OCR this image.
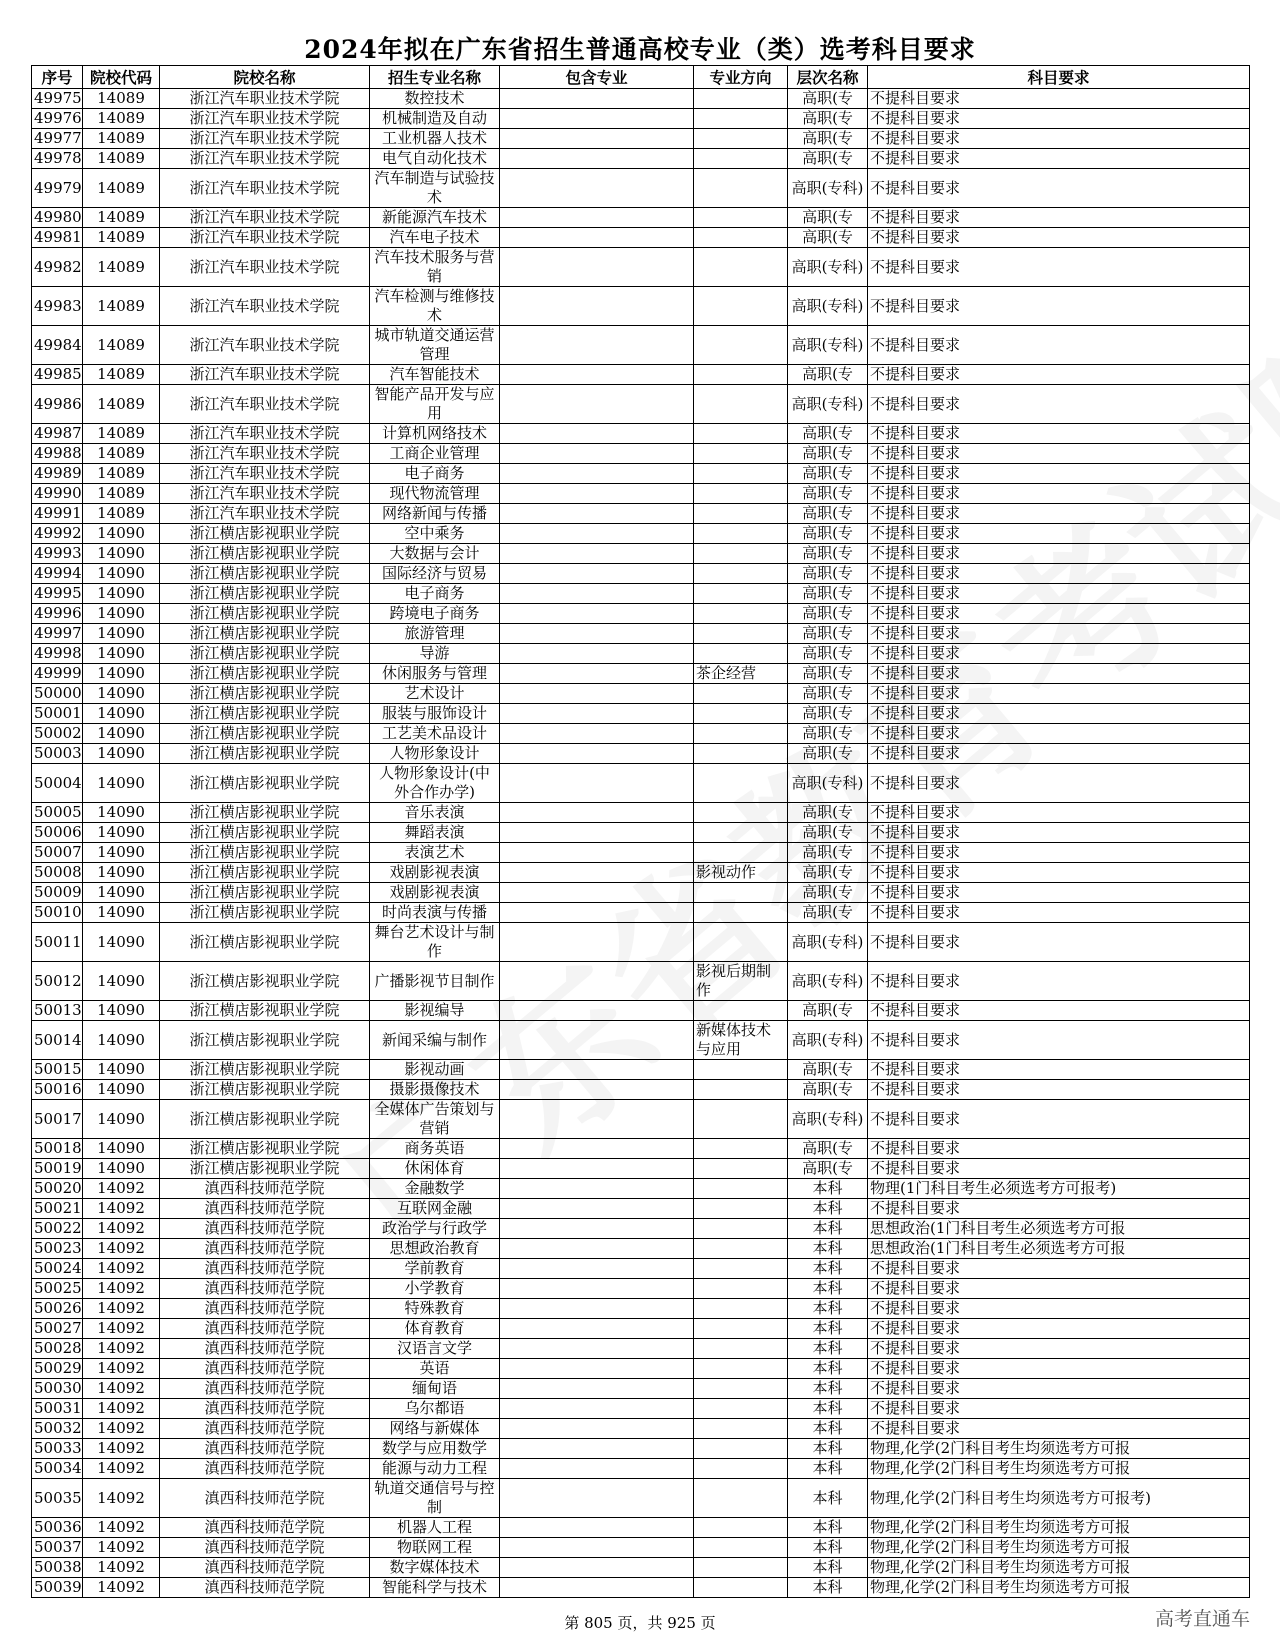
2024年拟在广东省招生普通高校专业（类）选考科目要求
序号	院校代码	院校名称	招生专业名称	包含专业	专业方向	层次名称	科目要求
49975	14089	浙江汽车职业技术学院	数控技术			高职(专	不提科目要求
49976	14089	浙江汽车职业技术学院	机械制造及自动			高职(专	不提科目要求
49977	14089	浙江汽车职业技术学院	工业机器人技术			高职(专	不提科目要求
49978	14089	浙江汽车职业技术学院	电气自动化技术			高职(专	不提科目要求
49979	14089	浙江汽车职业技术学院	汽车制造与试验技术			高职(专科)	不提科目要求
49980	14089	浙江汽车职业技术学院	新能源汽车技术			高职(专	不提科目要求
49981	14089	浙江汽车职业技术学院	汽车电子技术			高职(专	不提科目要求
49982	14089	浙江汽车职业技术学院	汽车技术服务与营销			高职(专科)	不提科目要求
49983	14089	浙江汽车职业技术学院	汽车检测与维修技术			高职(专科)	不提科目要求
49984	14089	浙江汽车职业技术学院	城市轨道交通运营管理			高职(专科)	不提科目要求
49985	14089	浙江汽车职业技术学院	汽车智能技术			高职(专	不提科目要求
49986	14089	浙江汽车职业技术学院	智能产品开发与应用			高职(专科)	不提科目要求
49987	14089	浙江汽车职业技术学院	计算机网络技术			高职(专	不提科目要求
49988	14089	浙江汽车职业技术学院	工商企业管理			高职(专	不提科目要求
49989	14089	浙江汽车职业技术学院	电子商务			高职(专	不提科目要求
49990	14089	浙江汽车职业技术学院	现代物流管理			高职(专	不提科目要求
49991	14089	浙江汽车职业技术学院	网络新闻与传播			高职(专	不提科目要求
49992	14090	浙江横店影视职业学院	空中乘务			高职(专	不提科目要求
49993	14090	浙江横店影视职业学院	大数据与会计			高职(专	不提科目要求
49994	14090	浙江横店影视职业学院	国际经济与贸易			高职(专	不提科目要求
49995	14090	浙江横店影视职业学院	电子商务			高职(专	不提科目要求
49996	14090	浙江横店影视职业学院	跨境电子商务			高职(专	不提科目要求
49997	14090	浙江横店影视职业学院	旅游管理			高职(专	不提科目要求
49998	14090	浙江横店影视职业学院	导游			高职(专	不提科目要求
49999	14090	浙江横店影视职业学院	休闲服务与管理		茶企经营	高职(专	不提科目要求
50000	14090	浙江横店影视职业学院	艺术设计			高职(专	不提科目要求
50001	14090	浙江横店影视职业学院	服装与服饰设计			高职(专	不提科目要求
50002	14090	浙江横店影视职业学院	工艺美术品设计			高职(专	不提科目要求
50003	14090	浙江横店影视职业学院	人物形象设计			高职(专	不提科目要求
50004	14090	浙江横店影视职业学院	人物形象设计(中外合作办学)			高职(专科)	不提科目要求
50005	14090	浙江横店影视职业学院	音乐表演			高职(专	不提科目要求
50006	14090	浙江横店影视职业学院	舞蹈表演			高职(专	不提科目要求
50007	14090	浙江横店影视职业学院	表演艺术			高职(专	不提科目要求
50008	14090	浙江横店影视职业学院	戏剧影视表演		影视动作	高职(专	不提科目要求
50009	14090	浙江横店影视职业学院	戏剧影视表演			高职(专	不提科目要求
50010	14090	浙江横店影视职业学院	时尚表演与传播			高职(专	不提科目要求
50011	14090	浙江横店影视职业学院	舞台艺术设计与制作			高职(专科)	不提科目要求
50012	14090	浙江横店影视职业学院	广播影视节目制作		影视后期制作	高职(专科)	不提科目要求
50013	14090	浙江横店影视职业学院	影视编导			高职(专	不提科目要求
50014	14090	浙江横店影视职业学院	新闻采编与制作		新媒体技术与应用	高职(专科)	不提科目要求
50015	14090	浙江横店影视职业学院	影视动画			高职(专	不提科目要求
50016	14090	浙江横店影视职业学院	摄影摄像技术			高职(专	不提科目要求
50017	14090	浙江横店影视职业学院	全媒体广告策划与营销			高职(专科)	不提科目要求
50018	14090	浙江横店影视职业学院	商务英语			高职(专	不提科目要求
50019	14090	浙江横店影视职业学院	休闲体育			高职(专	不提科目要求
50020	14092	滇西科技师范学院	金融数学			本科	物理(1门科目考生必须选考方可报考)
50021	14092	滇西科技师范学院	互联网金融			本科	不提科目要求
50022	14092	滇西科技师范学院	政治学与行政学			本科	思想政治(1门科目考生必须选考方可报
50023	14092	滇西科技师范学院	思想政治教育			本科	思想政治(1门科目考生必须选考方可报
50024	14092	滇西科技师范学院	学前教育			本科	不提科目要求
50025	14092	滇西科技师范学院	小学教育			本科	不提科目要求
50026	14092	滇西科技师范学院	特殊教育			本科	不提科目要求
50027	14092	滇西科技师范学院	体育教育			本科	不提科目要求
50028	14092	滇西科技师范学院	汉语言文学			本科	不提科目要求
50029	14092	滇西科技师范学院	英语			本科	不提科目要求
50030	14092	滇西科技师范学院	缅甸语			本科	不提科目要求
50031	14092	滇西科技师范学院	乌尔都语			本科	不提科目要求
50032	14092	滇西科技师范学院	网络与新媒体			本科	不提科目要求
50033	14092	滇西科技师范学院	数学与应用数学			本科	物理,化学(2门科目考生均须选考方可报
50034	14092	滇西科技师范学院	能源与动力工程			本科	物理,化学(2门科目考生均须选考方可报
50035	14092	滇西科技师范学院	轨道交通信号与控制			本科	物理,化学(2门科目考生均须选考方可报考)
50036	14092	滇西科技师范学院	机器人工程			本科	物理,化学(2门科目考生均须选考方可报
50037	14092	滇西科技师范学院	物联网工程			本科	物理,化学(2门科目考生均须选考方可报
50038	14092	滇西科技师范学院	数字媒体技术			本科	物理,化学(2门科目考生均须选考方可报
50039	14092	滇西科技师范学院	智能科学与技术			本科	物理,化学(2门科目考生均须选考方可报
第 805 页，共 925 页	高考直通车
